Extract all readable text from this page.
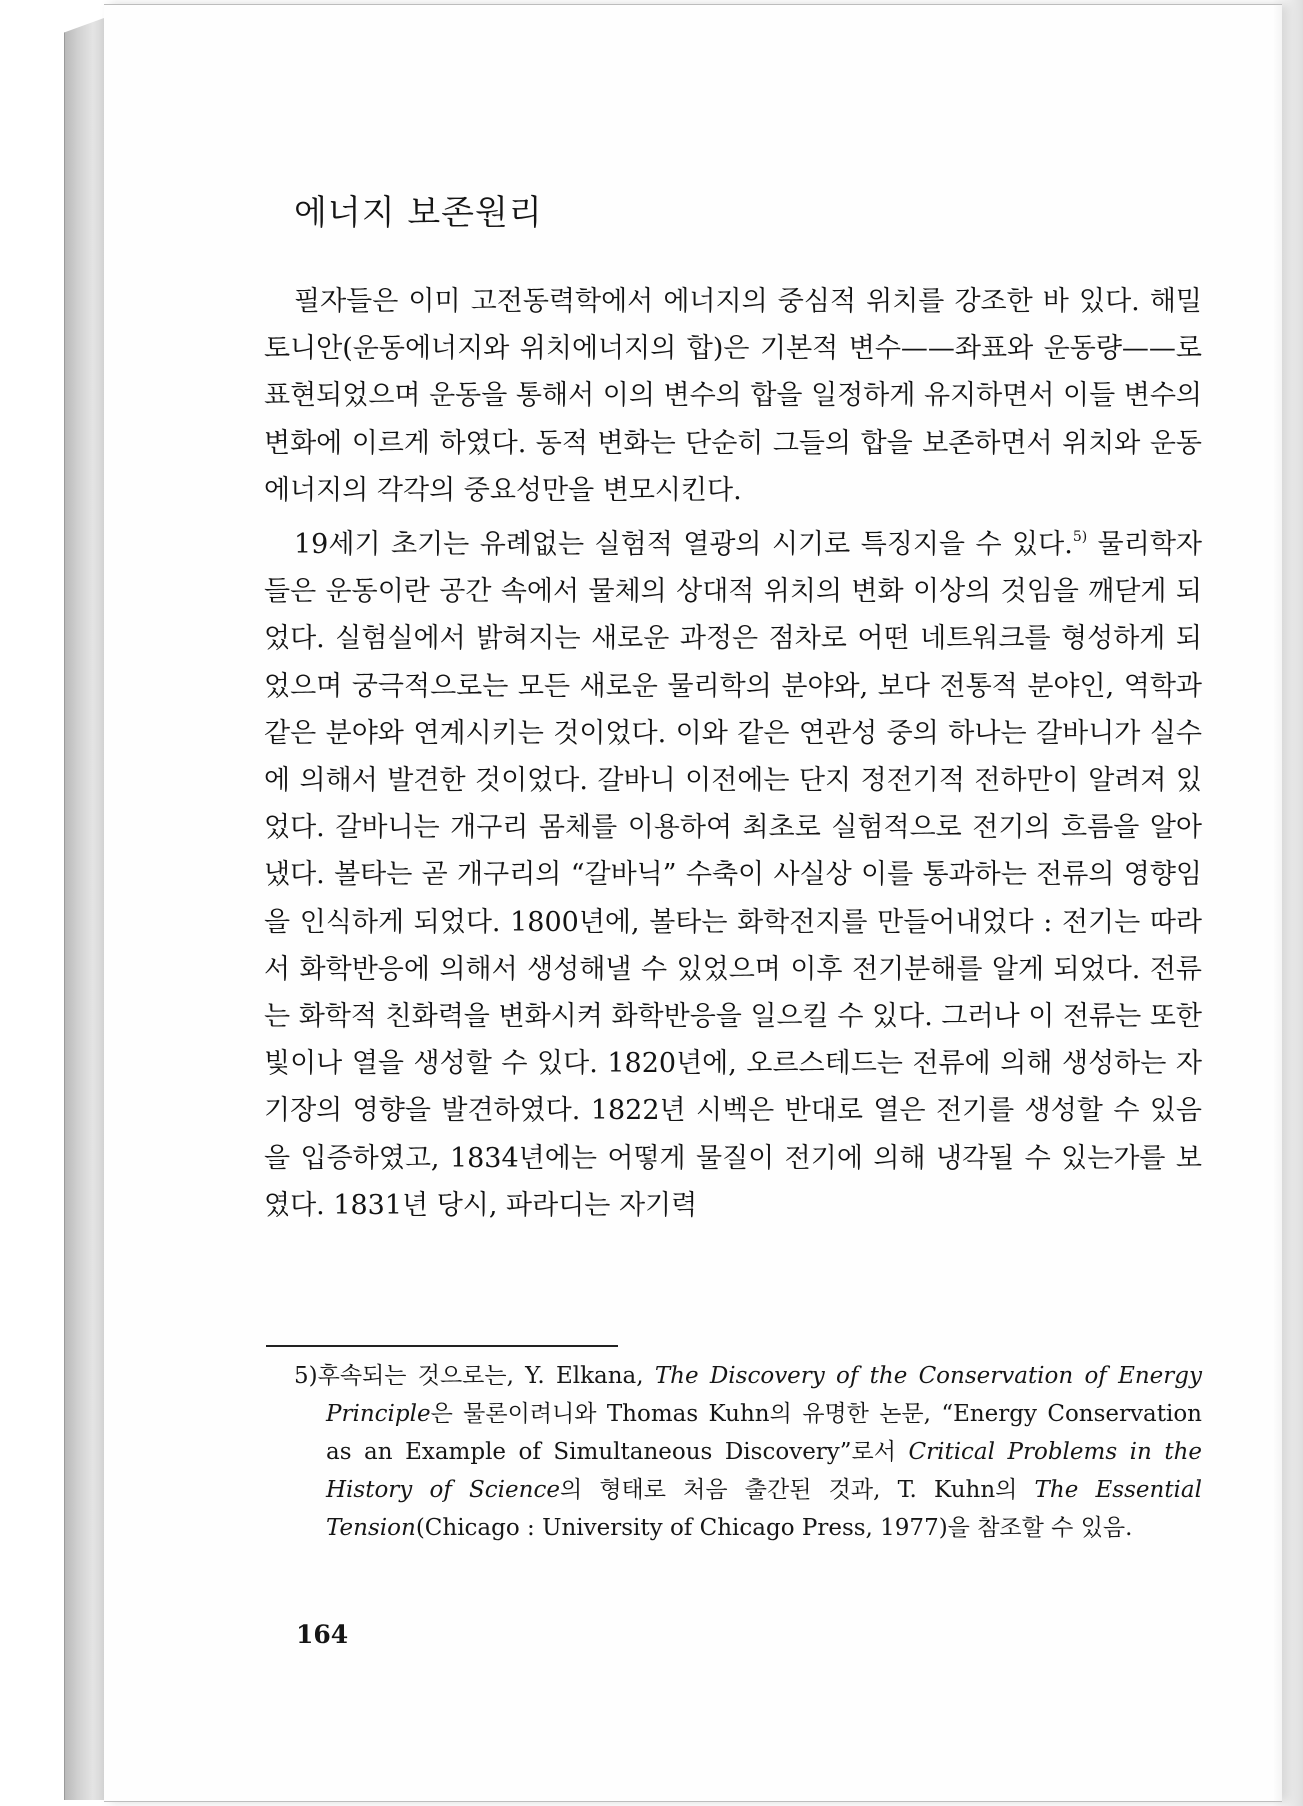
에너지 보존원리

필자들은 이미 고전동력학에서 에너지의 중심적 위치를 강조한 바 있다. 해밀토니안(운동에너지와 위치에너지의 합)은 기본적 변수——좌표와 운동량——로 표현되었으며 운동을 통해서 이의 변수의 합을 일정하게 유지하면서 이들 변수의 변화에 이르게 하였다. 동적 변화는 단순히 그들의 합을 보존하면서 위치와 운동에너지의 각각의 중요성만을 변모시킨다.

19세기 초기는 유례없는 실험적 열광의 시기로 특징지을 수 있다.$^{5)}$ 물리학자들은 운동이란 공간 속에서 물체의 상대적 위치의 변화 이상의 것임을 깨닫게 되었다. 실험실에서 밝혀지는 새로운 과정은 점차로 어떤 네트워크를 형성하게 되었으며 궁극적으로는 모든 새로운 물리학의 분야와, 보다 전통적 분야인, 역학과 같은 분야와 연계시키는 것이었다. 이와 같은 연관성 중의 하나는 갈바니가 실수에 의해서 발견한 것이었다. 갈바니 이전에는 단지 정전기적 전하만이 알려져 있었다. 갈바니는 개구리 몸체를 이용하여 최초로 실험적으로 전기의 흐름을 알아냈다. 볼타는 곧 개구리의 “갈바닉” 수축이 사실상 이를 통과하는 전류의 영향임을 인식하게 되었다. 1800년에, 볼타는 화학전지를 만들어내었다 : 전기는 따라서 화학반응에 의해서 생성해낼 수 있었으며 이후 전기분해를 알게 되었다. 전류는 화학적 친화력을 변화시켜 화학반응을 일으킬 수 있다. 그러나 이 전류는 또한 빛이나 열을 생성할 수 있다. 1820년에, 오르스테드는 전류에 의해 생성하는 자기장의 영향을 발견하였다. 1822년 시벡은 반대로 열은 전기를 생성할 수 있음을 입증하였고, 1834년에는 어떻게 물질이 전기에 의해 냉각될 수 있는가를 보였다. 1831년 당시, 파라디는 자기력

5)후속되는 것으로는, Y. Elkana, The Discovery of the Conservation of Energy Principle은 물론이려니와 Thomas Kuhn의 유명한 논문, “Energy Conservation as an Example of Simultaneous Discovery”로서 Critical Problems in the History of Science의 형태로 처음 출간된 것과, T. Kuhn의 The Essential Tension(Chicago : University of Chicago Press, 1977)을 참조할 수 있음.
164
